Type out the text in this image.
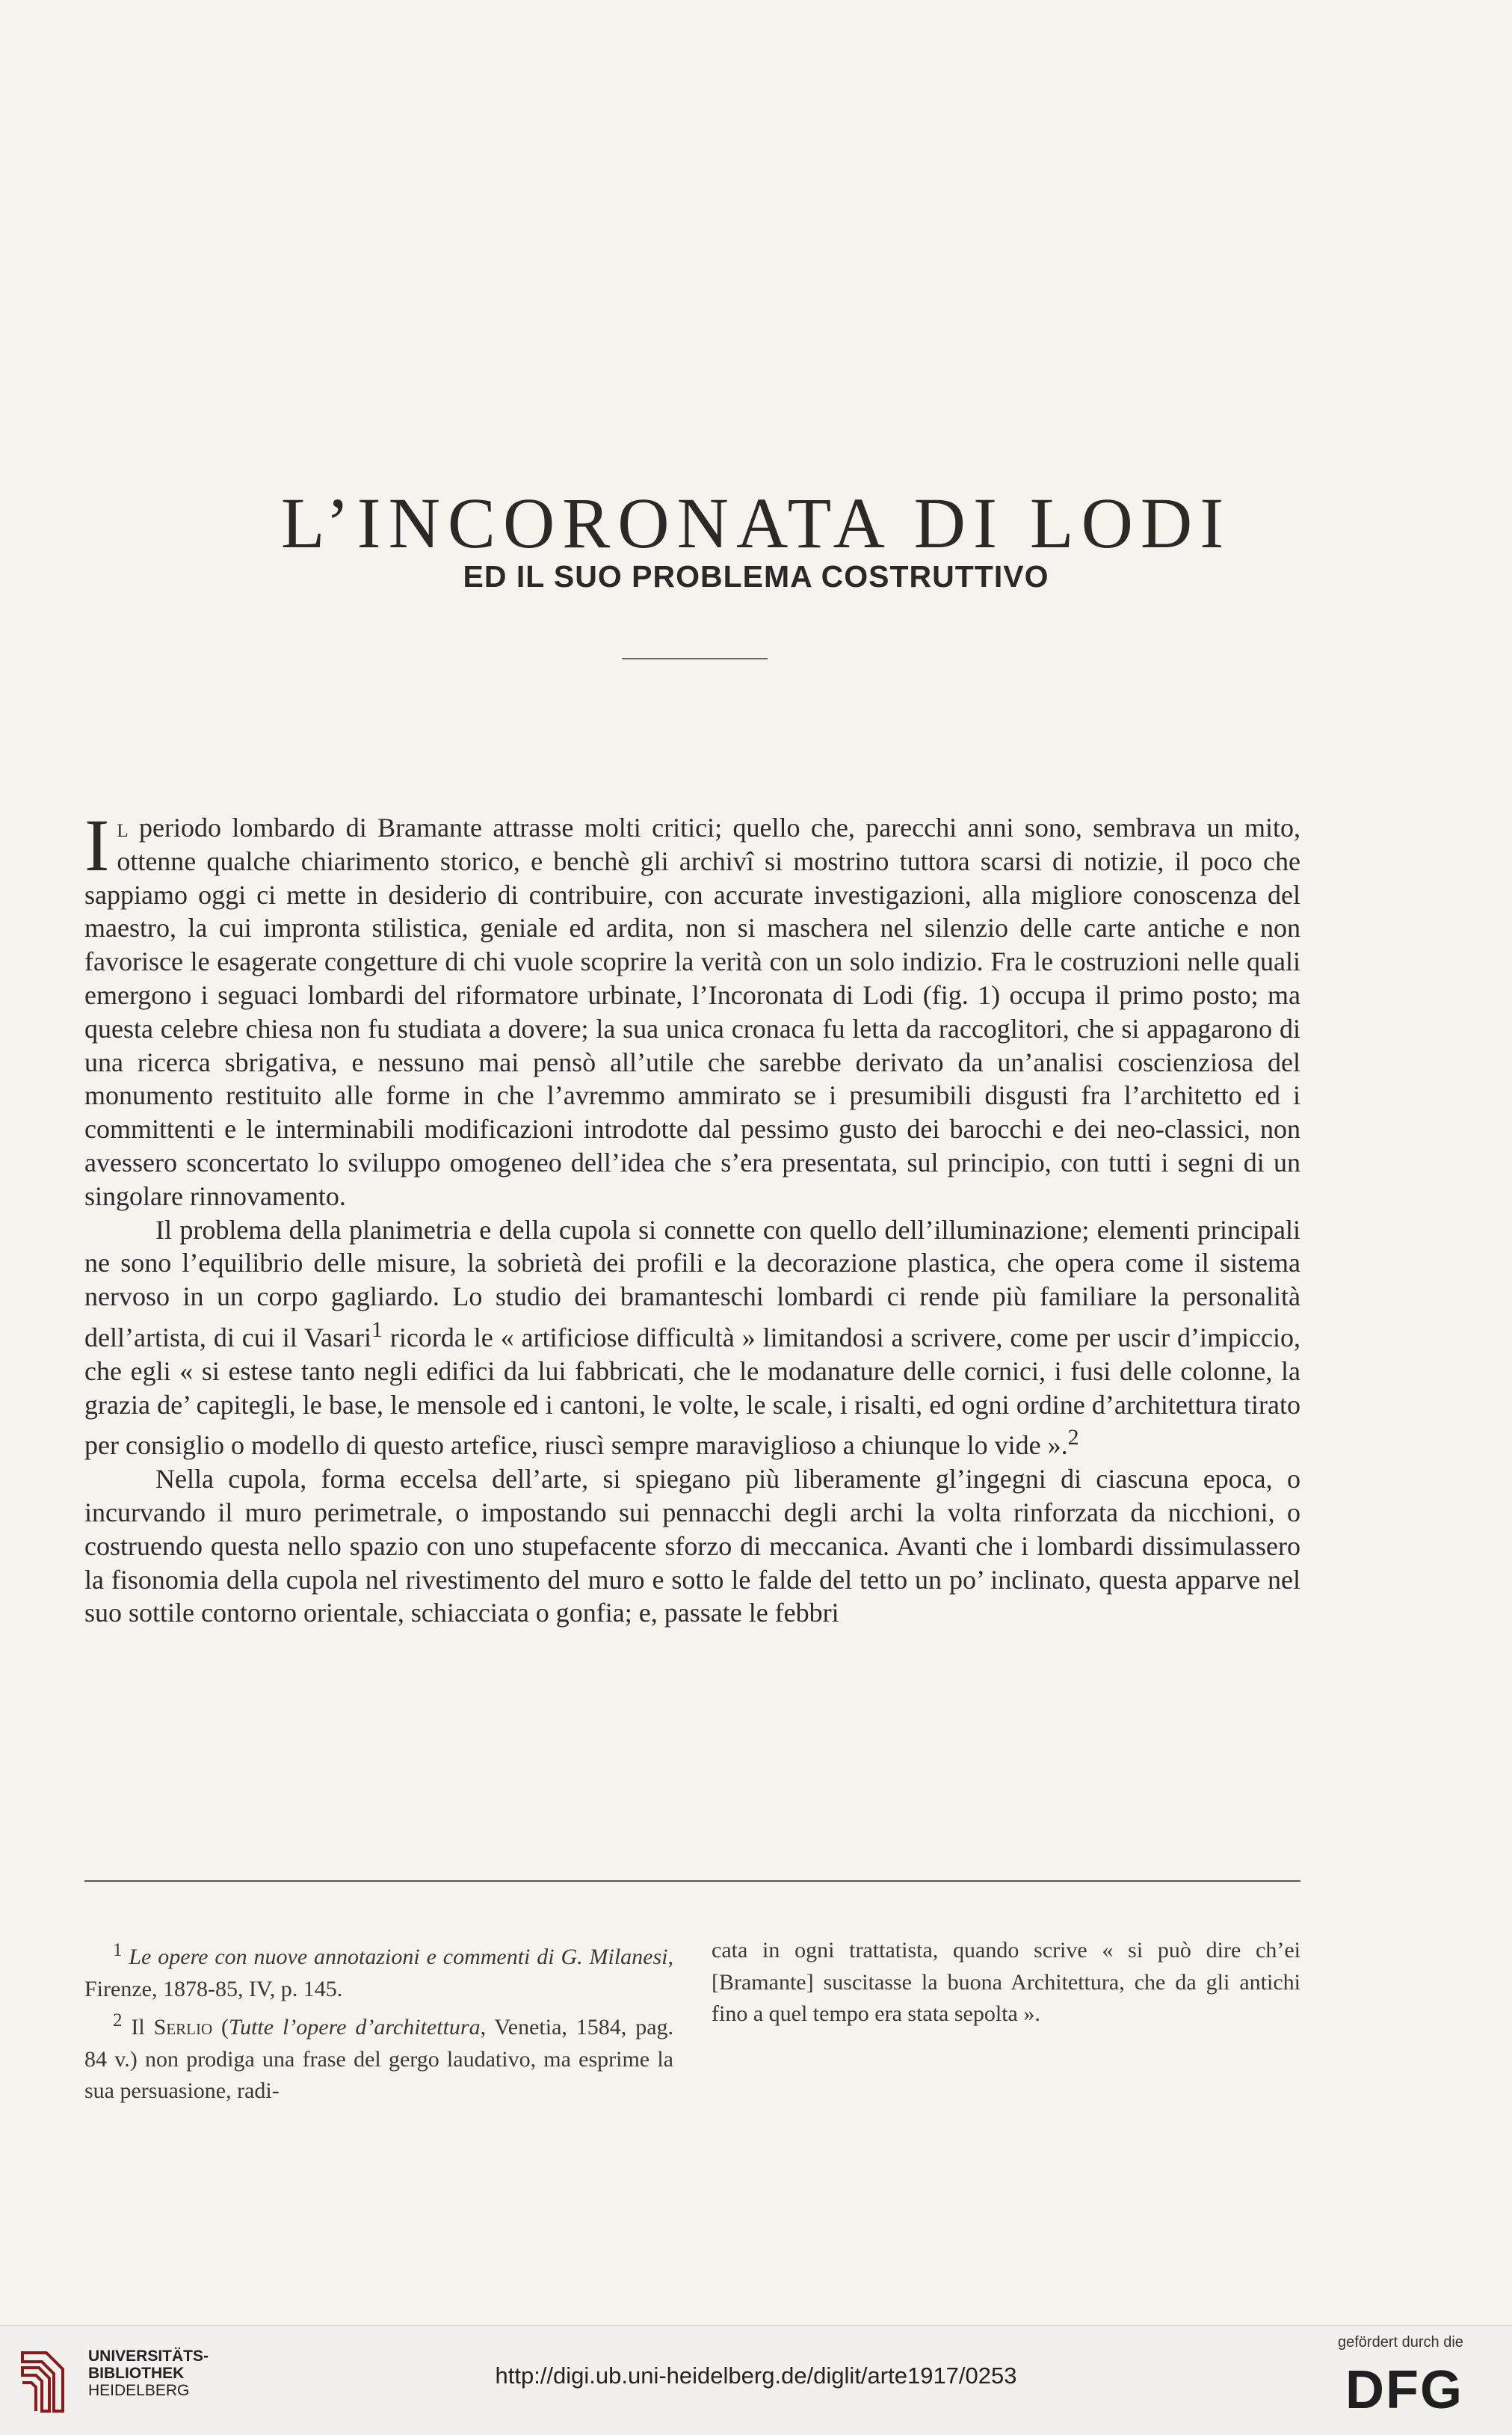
L’INCORONATA DI LODI
ED IL SUO PROBLEMA COSTRUTTIVO

Il periodo lombardo di Bramante attrasse molti critici; quello che, parecchi anni sono, sembrava un mito, ottenne qualche chiarimento storico, e benchè gli archivî si mostrino tuttora scarsi di notizie, il poco che sappiamo oggi ci mette in desiderio di contribuire, con accurate investigazioni, alla migliore conoscenza del maestro, la cui impronta stilistica, geniale ed ardita, non si maschera nel silenzio delle carte antiche e non favorisce le esagerate congetture di chi vuole scoprire la verità con un solo indizio. Fra le costruzioni nelle quali emergono i seguaci lombardi del riformatore urbinate, l’Incoronata di Lodi (fig. 1) occupa il primo posto; ma questa celebre chiesa non fu studiata a dovere; la sua unica cronaca fu letta da raccoglitori, che si appagarono di una ricerca sbrigativa, e nessuno mai pensò all’utile che sarebbe derivato da un’analisi coscienziosa del monumento restituito alle forme in che l’avremmo ammirato se i presumibili disgusti fra l’architetto ed i committenti e le interminabili modificazioni introdotte dal pessimo gusto dei barocchi e dei neo-classici, non avessero sconcertato lo sviluppo omogeneo dell’idea che s’era presentata, sul principio, con tutti i segni di un singolare rinnovamento.

Il problema della planimetria e della cupola si connette con quello dell’illuminazione; elementi principali ne sono l’equilibrio delle misure, la sobrietà dei profili e la decorazione plastica, che opera come il sistema nervoso in un corpo gagliardo. Lo studio dei bramanteschi lombardi ci rende più familiare la personalità dell’artista, di cui il Vasari$^1$ ricorda le « artificiose difficultà » limitandosi a scrivere, come per uscir d’impiccio, che egli « si estese tanto negli edifici da lui fabbricati, che le modanature delle cornici, i fusi delle colonne, la grazia de’ capitegli, le base, le mensole ed i cantoni, le volte, le scale, i risalti, ed ogni ordine d’architettura tirato per consiglio o modello di questo artefice, riuscì sempre maraviglioso a chiunque lo vide ».$^2$

Nella cupola, forma eccelsa dell’arte, si spiegano più liberamente gl’ingegni di ciascuna epoca, o incurvando il muro perimetrale, o impostando sui pennacchi degli archi la volta rinforzata da nicchioni, o costruendo questa nello spazio con uno stupefacente sforzo di meccanica. Avanti che i lombardi dissimulassero la fisonomia della cupola nel rivestimento del muro e sotto le falde del tetto un po’ inclinato, questa apparve nel suo sottile contorno orientale, schiacciata o gonfia; e, passate le febbri

$^1$ Le opere con nuove annotazioni e commenti di G. Milanesi, Firenze, 1878-85, IV, p. 145.

$^2$ Il Serlio (Tutte l’opere d’architettura, Venetia, 1584, pag. 84 v.) non prodiga una frase del gergo laudativo, ma esprime la sua persuasione, radi-

cata in ogni trattatista, quando scrive « si può dire ch’ei [Bramante] suscitasse la buona Architettura, che da gli antichi fino a quel tempo era stata sepolta ».

UNIVERSITÄTS-
BIBLIOTHEK
HEIDELBERG
http://digi.ub.uni-heidelberg.de/diglit/arte1917/0253
gefördert durch die
DFG
